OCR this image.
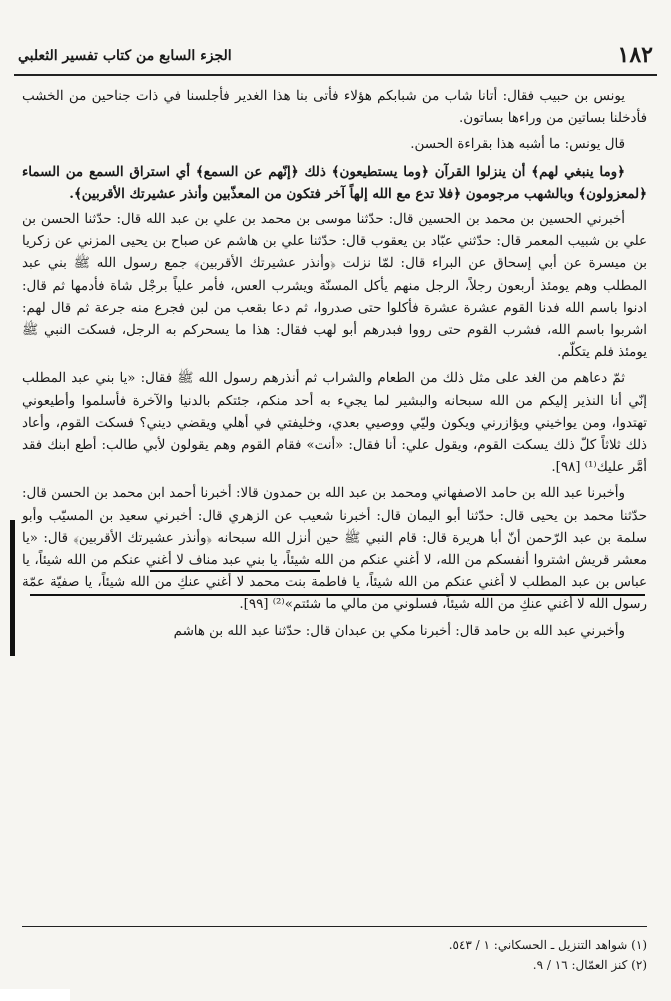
١٨٢
الجزء السابع من كتاب تفسير الثعلبي

يونس بن حبيب فقال: أتانا شاب من شبابكم هؤلاء فأتى بنا هذا الغدير فأجلسنا في ذات جناحين من الخشب فأدخلنا بساتين من وراءها بساتون.

قال يونس: ما أشبه هذا بقراءة الحسن.

﴿وما ينبغي لهم﴾ أن ينزلوا القرآن ﴿وما يستطيعون﴾ ذلك ﴿إنّهم عن السمع﴾ أي استراق السمع من السماء ﴿لمعزولون﴾ وبالشهب مرجومون ﴿فلا تدع مع الله إلهاً آخر فتكون من المعذّبين وأنذر عشيرتك الأقربين﴾.

أخبرني الحسين بن محمد بن الحسين قال: حدّثنا موسى بن محمد بن علي بن عبد الله قال: حدّثنا الحسن بن علي بن شبيب المعمر قال: حدّثني عبّاد بن يعقوب قال: حدّثنا علي بن هاشم عن صباح بن يحيى المزني عن زكريا بن ميسرة عن أبي إسحاق عن البراء قال: لمّا نزلت ﴿وأنذر عشيرتك الأقربين﴾ جمع رسول الله ﷺ بني عبد المطلب وهم يومئذ أربعون رجلاً، الرجل منهم يأكل المسنّة ويشرب العس، فأمر علياً برجْل شاة فأدمها ثم قال: ادنوا باسم الله فدنا القوم عشرة عشرة فأكلوا حتى صدروا، ثم دعا بقعب من لبن فجرع منه جرعة ثم قال لهم: اشربوا باسم الله، فشرب القوم حتى رووا فبدرهم أبو لهب فقال: هذا ما يسحركم به الرجل، فسكت النبي ﷺ يومئذ فلم يتكلّم.

ثمّ دعاهم من الغد على مثل ذلك من الطعام والشراب ثم أنذرهم رسول الله ﷺ فقال: «يا بني عبد المطلب إنّي أنا النذير إليكم من الله سبحانه والبشير لما يجيء به أحد منكم، جئتكم بالدنيا والآخرة فأسلموا وأطيعوني تهتدوا، ومن يواخيني ويؤازرني ويكون وليّي ووصيي بعدي، وخليفتي في أهلي ويقضي ديني؟ فسكت القوم، وأعاد ذلك ثلاثاً كلّ ذلك يسكت القوم، ويقول علي: أنا فقال: «أنت» فقام القوم وهم يقولون لأبي طالب: أطع ابنك فقد أمَّر عليك⁽¹⁾ [٩٨].

وأخبرنا عبد الله بن حامد الاصفهاني ومحمد بن عبد الله بن حمدون قالا: أخبرنا أحمد ابن محمد بن الحسن قال: حدّثنا محمد بن يحيى قال: حدّثنا أبو اليمان قال: أخبرنا شعيب عن الزهري قال: أخبرني سعيد بن المسيّب وأبو سلمة بن عبد الرّحمن أنّ أبا هريرة قال: قام النبي ﷺ حين أنزل الله سبحانه ﴿وأنذر عشيرتك الأقربين﴾ قال: «يا معشر قريش اشتروا أنفسكم من الله، لا أغني عنكم من الله شيئاً، يا بني عبد مناف لا أغني عنكم من الله شيئاً، يا عباس بن عبد المطلب لا أغني عنكم من الله شيئاً، يا فاطمة بنت محمد لا أغني عنكِ من الله شيئاً، يا صفيّة عمّة رسول الله لا أغني عنكِ من الله شيئاً، فسلوني من مالي ما شئتم»⁽²⁾ [٩٩].

وأخبرني عبد الله بن حامد قال: أخبرنا مكي بن عبدان قال: حدّثنا عبد الله بن هاشم

(١) شواهد التنزيل ـ الحسكاني: ١ / ٥٤٣.

(٢) كنز العمّال: ١٦ / ٩.
